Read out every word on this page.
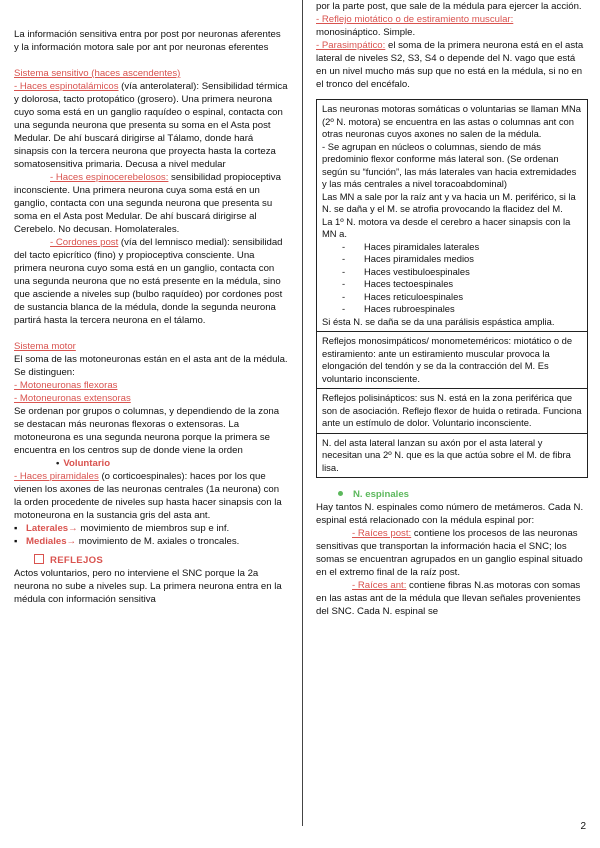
La información sensitiva entra por post por neuronas aferentes y la información motora sale por ant por neuronas eferentes

Sistema sensitivo (haces ascendentes)

- Haces espinotalámicos (vía anterolateral): Sensibilidad térmica y dolorosa, tacto protopático (grosero). Una primera neurona cuyo soma está en un ganglio raquídeo o espinal, contacta con una segunda neurona que presenta su soma en el Asta post Medular. De ahí buscará dirigirse al Tálamo, donde hará sinapsis con la tercera neurona que proyecta hasta la corteza somatosensitiva primaria. Decusa a nivel medular

- Haces espinocerebelosos: sensibilidad propioceptiva inconsciente. Una primera neurona cuya soma está en un ganglio, contacta con una segunda neurona que presenta su soma en el Asta post Medular. De ahí buscará dirigirse al Cerebelo. No decusan. Homolaterales.

- Cordones post (vía del lemnisco medial): sensibilidad del tacto epicrítico (fino) y propioceptiva consciente. Una primera neurona cuyo soma está en un ganglio, contacta con una segunda neurona que no está presente en la médula, sino que asciende a niveles sup (bulbo raquídeo) por cordones post de sustancia blanca de la médula, donde la segunda neurona partirá hasta la tercera neurona en el tálamo.

Sistema motor

El soma de las motoneuronas están en el asta ant de la médula. Se distinguen:

- Motoneuronas flexoras

- Motoneuronas extensoras

Se ordenan por grupos o columnas, y dependiendo de la zona se destacan más neuronas flexoras o extensoras. La motoneurona es una segunda neurona porque la primera se encuentra en los centros sup de donde viene la orden

• Voluntario

- Haces piramidales (o corticoespinales): haces por los que vienen los axones de las neuronas centrales (1a neurona) con la orden procedente de niveles sup hasta hacer sinapsis con la motoneurona en la sustancia gris del asta ant.

▪ Laterales→ movimiento de miembros sup e inf.
▪ Mediales→ movimiento de M. axiales o troncales.

REFLEJOS

Actos voluntarios, pero no interviene el SNC porque la 2a neurona no sube a niveles sup. La primera neurona entra en la médula con información sensitiva

por la parte post, que sale de la médula para ejercer la acción.

- Reflejo miotático o de estiramiento muscular:

monosináptico. Simple.

- Parasimpático: el soma de la primera neurona está en el asta lateral de niveles S2, S3, S4 o depende del N. vago que está en un nivel mucho más sup que no está en la médula, si no en el tronco del encéfalo.

Las neuronas motoras somáticas o voluntarias se llaman MNa (2º N. motora) se encuentra en las astas o columnas ant con otras neuronas cuyos axones no salen de la médula.

- Se agrupan en núcleos o columnas, siendo de más predominio flexor conforme más lateral son. (Se ordenan según su “función”, las más laterales van hacia extremidades y las más centrales a nivel toracoabdominal)

Las MN a sale por la raíz ant y va hacia un M. periférico, si la N. se daña y el M. se atrofia provocando la flacidez del M.

La 1º N. motora va desde el cerebro a hacer sinapsis con la MN a.

-	Haces piramidales laterales
-	Haces piramidales medios
-	Haces vestibuloespinales
-	Haces tectoespinales
-	Haces reticuloespinales
-	Haces rubroespinales

Si ésta N. se daña se da una parálisis espástica amplia.

Reflejos monosimpáticos/ monometeméricos: miotático o de estiramiento: ante un estiramiento muscular provoca la elongación del tendón y se da la contracción del M. Es voluntario inconsciente.

Reflejos polisinápticos: sus N. está en la zona periférica que son de asociación. Reflejo flexor de huida o retirada. Funciona ante un estímulo de dolor. Voluntario inconsciente.

N. del asta lateral lanzan su axón por el asta lateral y necesitan una 2º N. que es la que actúa sobre el M. de fibra lisa.

N. espinales

Hay tantos N. espinales como número de metámeros. Cada N. espinal está relacionado con la médula espinal por:

- Raíces post: contiene los procesos de las neuronas sensitivas que transportan la información hacia el SNC; los somas se encuentran agrupados en un ganglio espinal situado en el extremo final de la raíz post.

- Raíces ant: contiene fibras N.as motoras con somas en las astas ant de la médula que llevan señales provenientes del SNC. Cada N. espinal se

2
